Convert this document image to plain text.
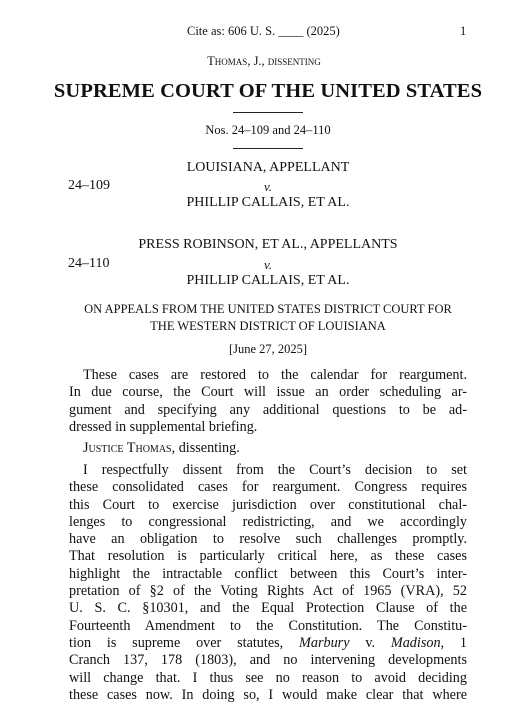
Cite as: 606 U. S. ____ (2025)	1
Thomas, J., dissenting
SUPREME COURT OF THE UNITED STATES
Nos. 24–109 and 24–110
LOUISIANA, APPELLANT
24–109	v.
PHILLIP CALLAIS, ET AL.
PRESS ROBINSON, ET AL., APPELLANTS
24–110	v.
PHILLIP CALLAIS, ET AL.
ON APPEALS FROM THE UNITED STATES DISTRICT COURT FOR
THE WESTERN DISTRICT OF LOUISIANA
[June 27, 2025]
These cases are restored to the calendar for reargument.
In due course, the Court will issue an order scheduling ar-
gument and specifying any additional questions to be ad-
dressed in supplemental briefing.
Justice Thomas, dissenting.
I respectfully dissent from the Court’s decision to set
these consolidated cases for reargument. Congress requires
this Court to exercise jurisdiction over constitutional chal-
lenges to congressional redistricting, and we accordingly
have an obligation to resolve such challenges promptly.
That resolution is particularly critical here, as these cases
highlight the intractable conflict between this Court’s inter-
pretation of §2 of the Voting Rights Act of 1965 (VRA), 52
U. S. C. §10301, and the Equal Protection Clause of the
Fourteenth Amendment to the Constitution. The Constitu-
tion is supreme over statutes, Marbury v. Madison, 1
Cranch 137, 178 (1803), and no intervening developments
will change that. I thus see no reason to avoid deciding
these cases now. In doing so, I would make clear that where
